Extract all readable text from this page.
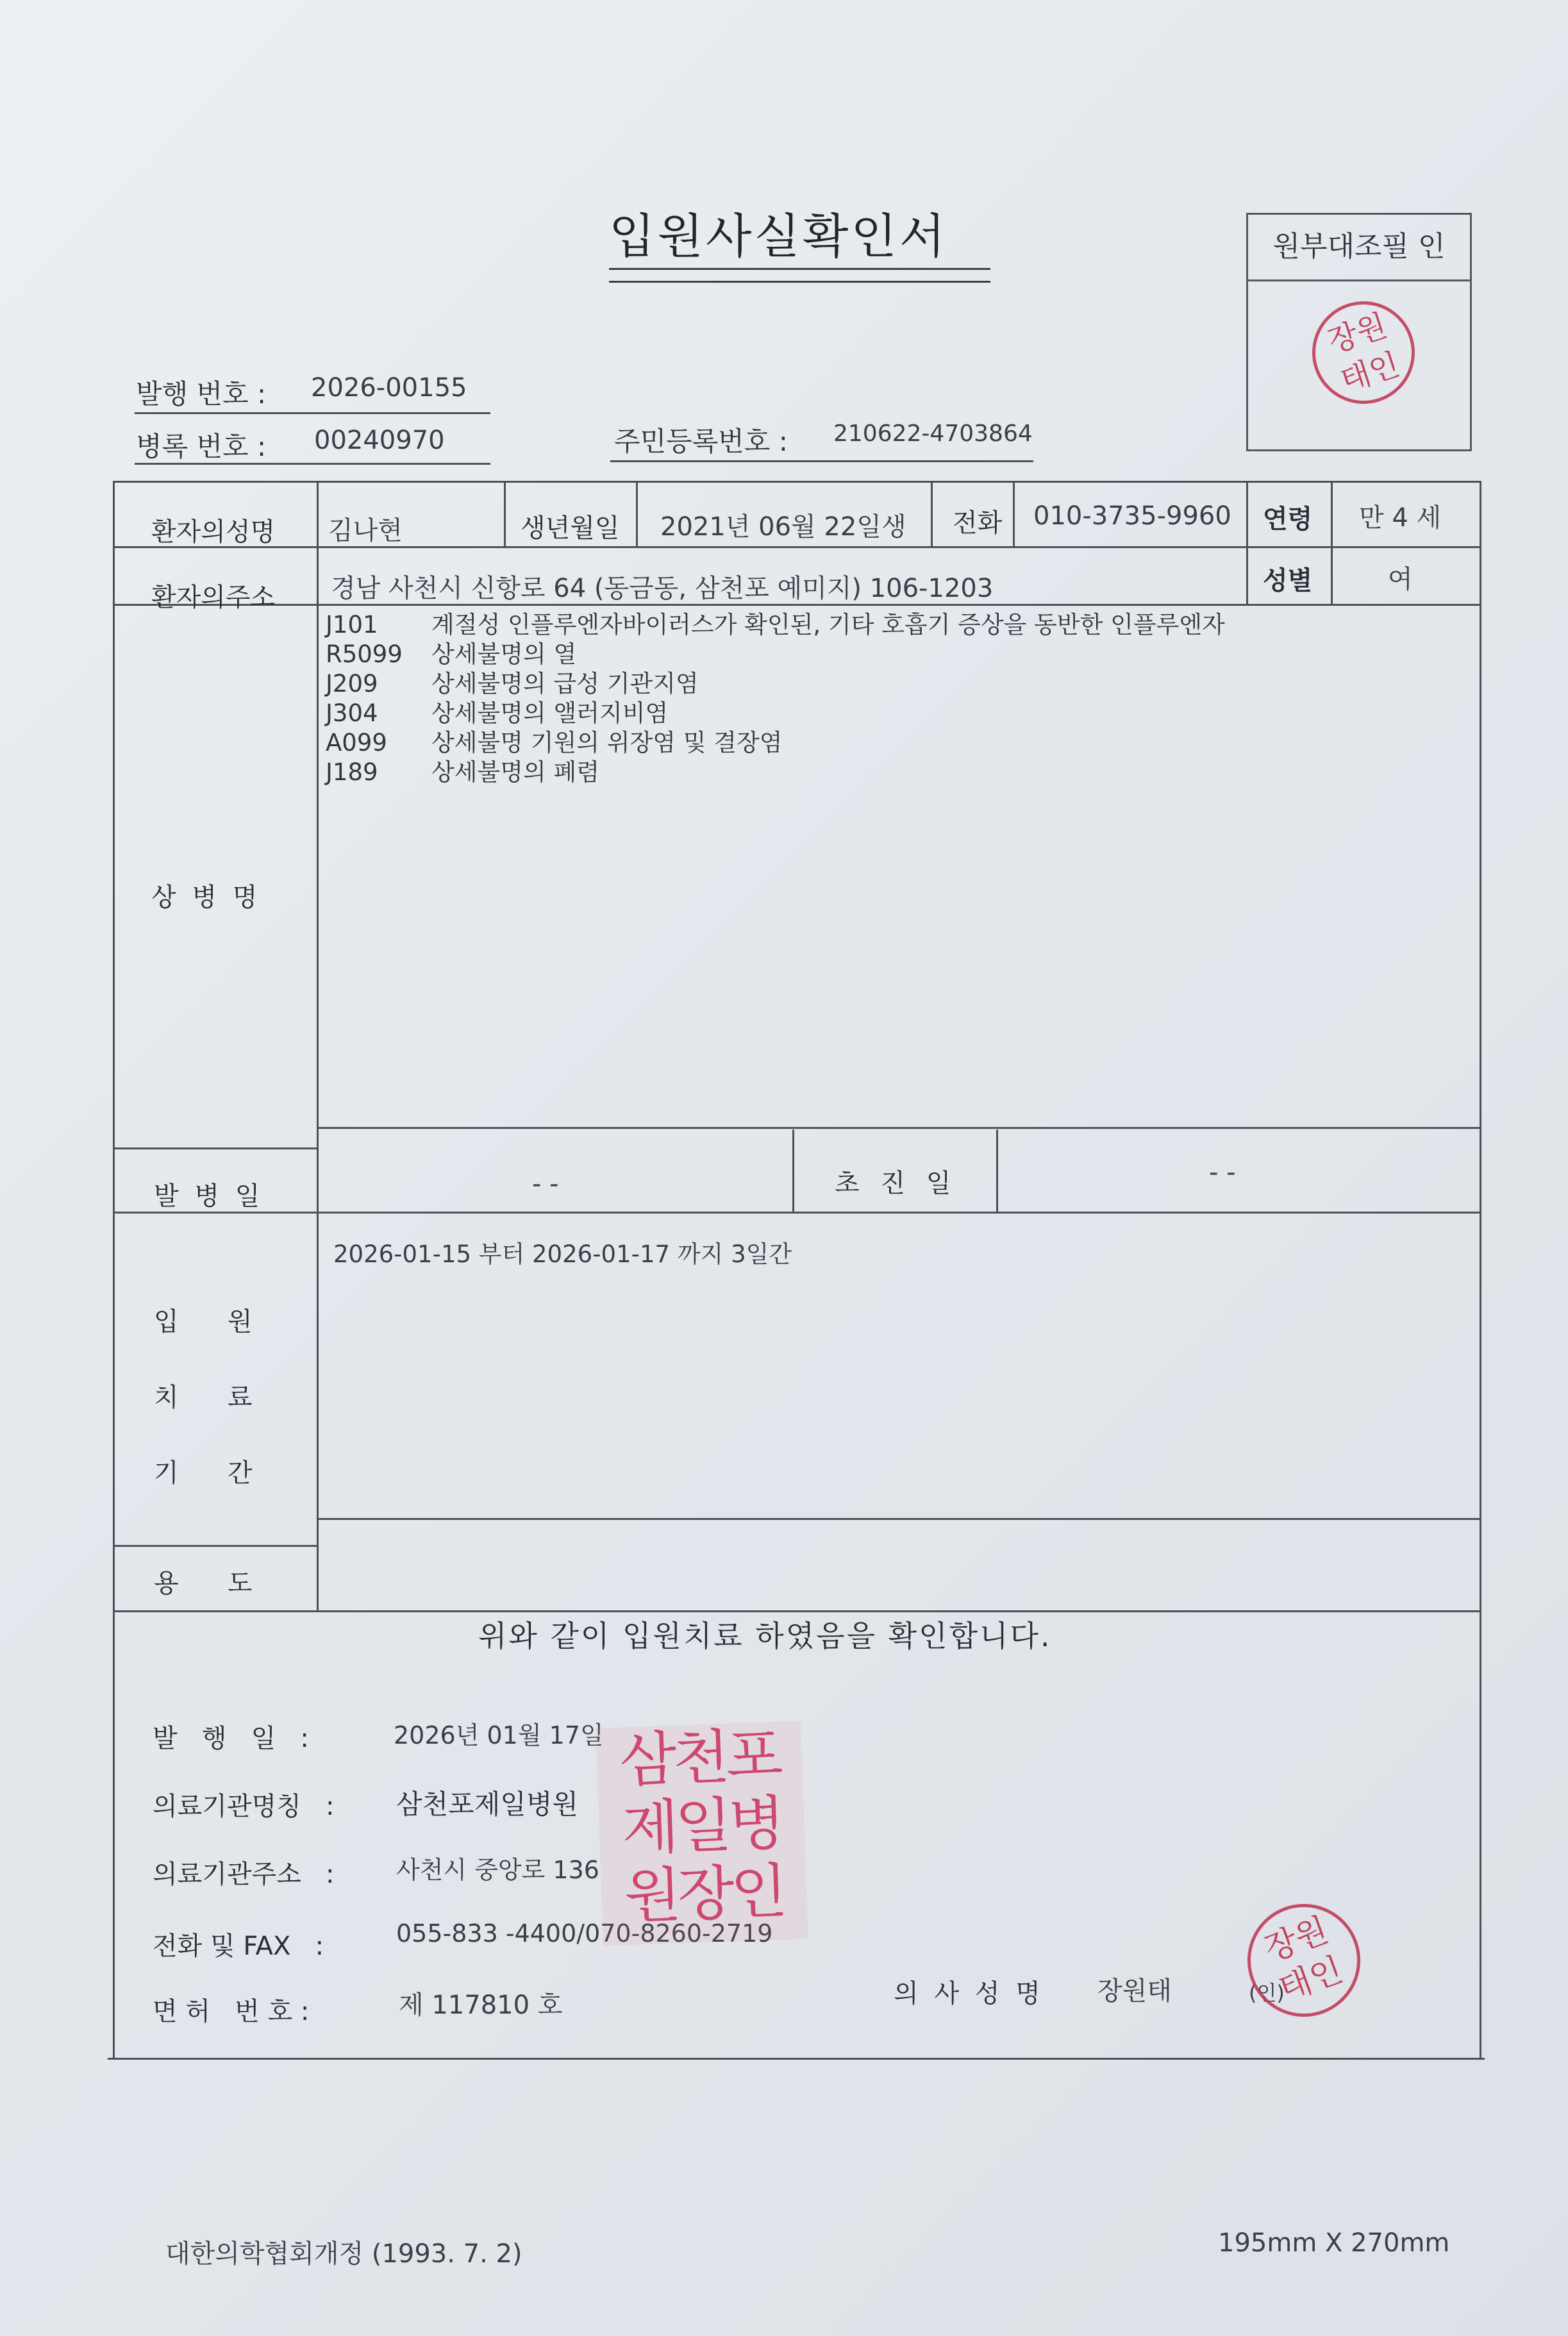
입원사실확인서	원부대조필 인
장원
태인
발행 번호 : 2026-00155
병록 번호 : 00240970	주민등록번호 : 210622-4703864
환자의성명 김나현	생년월일 2021년 06월 22일생 전화 010-3735-9960 연령 만 4 세
환자의주소 경남 사천시 신항로 64 (동금동, 삼천포 예미지) 106-1203	성별	여
상 병 명
J101 계절성 인플루엔자바이러스가 확인된, 기타 호흡기 증상을 동반한 인플루엔자
R5099 상세불명의 열
J209 상세불명의 급성 기관지염
J304 상세불명의 앨러지비염
A099 상세불명 기원의 위장염 및 결장염
J189 상세불명의 폐렴
발 병 일	- -	초 진 일	- -
입      원
치      료
기      간
2026-01-15 부터 2026-01-17 까지 3일간
용      도
위와 같이 입원치료 하였음을 확인합니다.
발   행   일   :	2026년 01월 17일
의료기관명칭   : 삼천포제일병원
의료기관주소   :	사천시 중앙로 136
전화 및 FAX   :	055-833 -4400/070-8260-2719
면 허   번 호 :	제 117810 호	의 사 성 명 장원태	(인)
삼천포
제일병
원장인
장원
태인
대한의학협회개정 (1993. 7. 2)	195mm X 270mm
